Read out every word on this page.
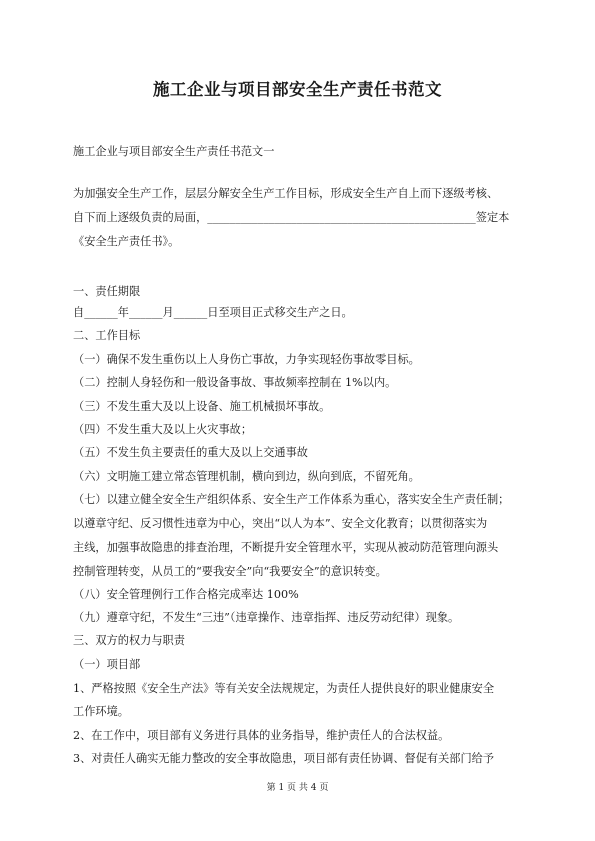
施工企业与项目部安全生产责任书范文
施工企业与项目部安全生产责任书范文一
为加强安全生产工作，层层分解安全生产工作目标，形成安全生产自上而下逐级考核、
自下而上逐级负责的局面，________________________________________________签定本
《安全生产责任书》。
一、责任期限
自______年______月______日至项目正式移交生产之日。
二、工作目标
（一）确保不发生重伤以上人身伤亡事故，力争实现轻伤事故零目标。
（二）控制人身轻伤和一般设备事故、事故频率控制在 1%以内。
（三）不发生重大及以上设备、施工机械损坏事故。
（四）不发生重大及以上火灾事故；
（五）不发生负主要责任的重大及以上交通事故
（六）文明施工建立常态管理机制，横向到边，纵向到底，不留死角。
（七）以建立健全安全生产组织体系、安全生产工作体系为重心，落实安全生产责任制；
以遵章守纪、反习惯性违章为中心，突出“以人为本”、安全文化教育；以贯彻落实为
主线，加强事故隐患的排查治理，不断提升安全管理水平，实现从被动防范管理向源头
控制管理转变，从员工的“要我安全”向“我要安全”的意识转变。
（八）安全管理例行工作合格完成率达 100%
（九）遵章守纪，不发生“三违”（违章操作、违章指挥、违反劳动纪律）现象。
三、双方的权力与职责
（一）项目部
1、严格按照《安全生产法》等有关安全法规规定，为责任人提供良好的职业健康安全
工作环境。
2、在工作中，项目部有义务进行具体的业务指导，维护责任人的合法权益。
3、对责任人确实无能力整改的安全事故隐患，项目部有责任协调、督促有关部门给予
第 1 页 共 4 页
